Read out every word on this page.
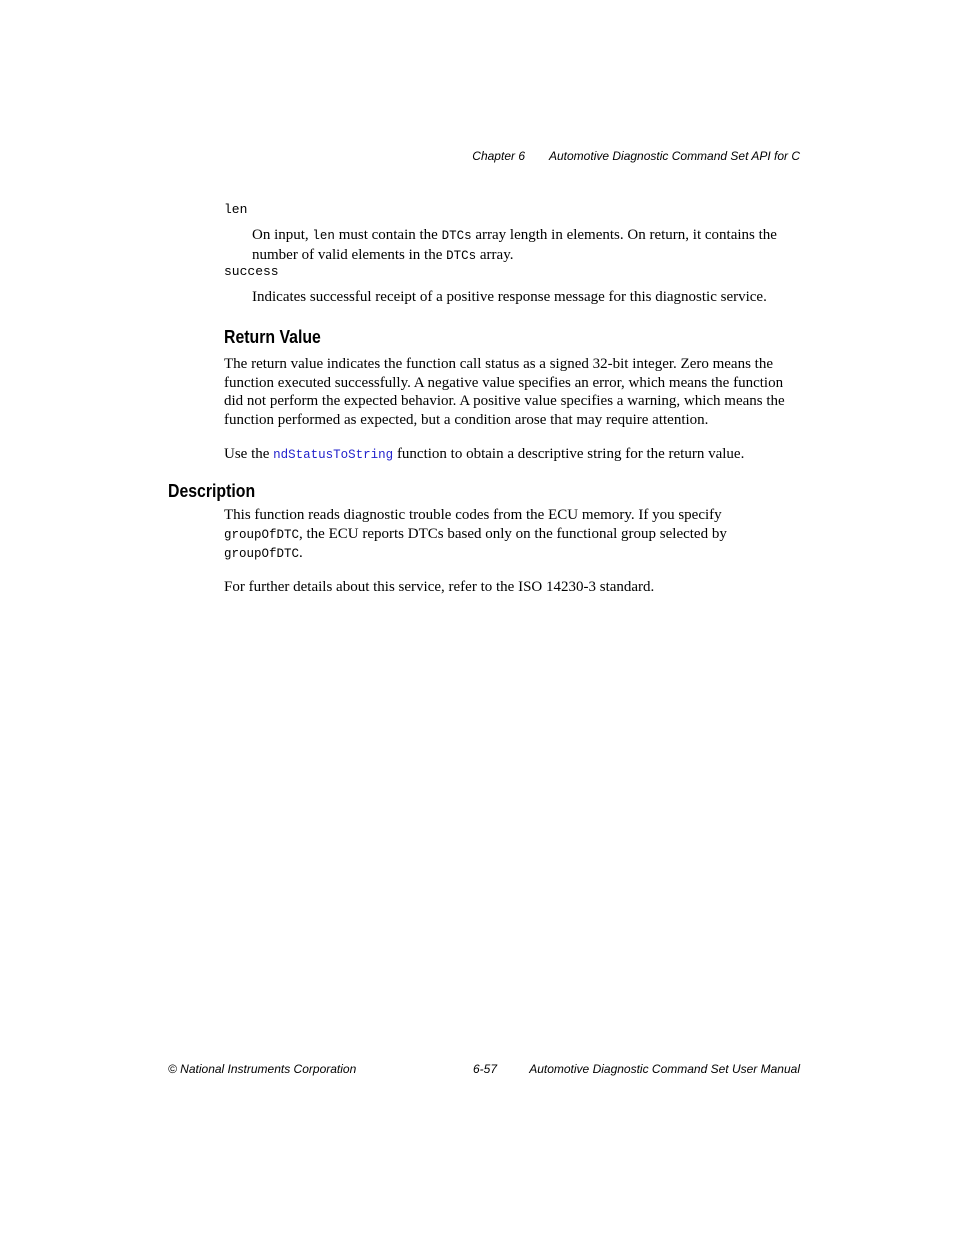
Chapter 6 Automotive Diagnostic Command Set API for C
len
On input, len must contain the DTCs array length in elements. On return, it contains the
number of valid elements in the DTCs array.
success
Indicates successful receipt of a positive response message for this diagnostic service.
Return Value
The return value indicates the function call status as a signed 32-bit integer. Zero means the
function executed successfully. A negative value specifies an error, which means the function
did not perform the expected behavior. A positive value specifies a warning, which means the
function performed as expected, but a condition arose that may require attention.
Use the ndStatusToString function to obtain a descriptive string for the return value.
Description
This function reads diagnostic trouble codes from the ECU memory. If you specify
groupOfDTC, the ECU reports DTCs based only on the functional group selected by
groupOfDTC.
For further details about this service, refer to the ISO 14230-3 standard.
© National Instruments Corporation	6-57	Automotive Diagnostic Command Set User Manual
